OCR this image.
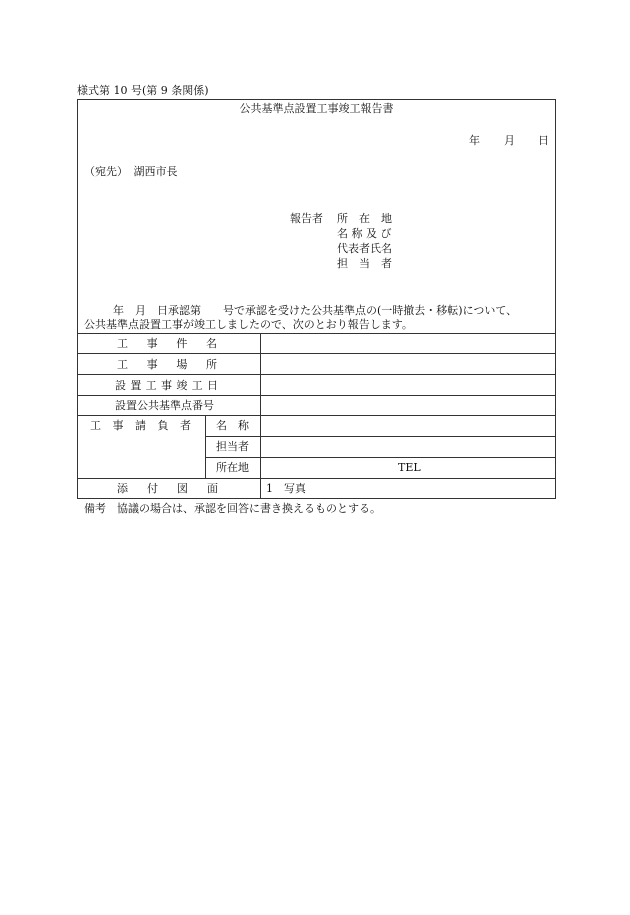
様式第 10 号(第 9 条関係)
公共基準点設置工事竣工報告書
年 月 日
（宛先）　湖西市長
報告者 所　在　地
名 称 及 び
代表者氏名
担　当　者
年　月　日承認第　　号で承認を受けた公共基準点の(一時撤去・移転)について、
公共基準点設置工事が竣工しましたので、次のとおり報告します。
工 事 件 名
工 事 場 所
設 置 工 事 竣 工 日
設置公共基準点番号
工 事 請 負 者 名　称
担当者
所在地	TEL
添 付 図 面	1　写真
備考　協議の場合は、承認を回答に書き換えるものとする。
